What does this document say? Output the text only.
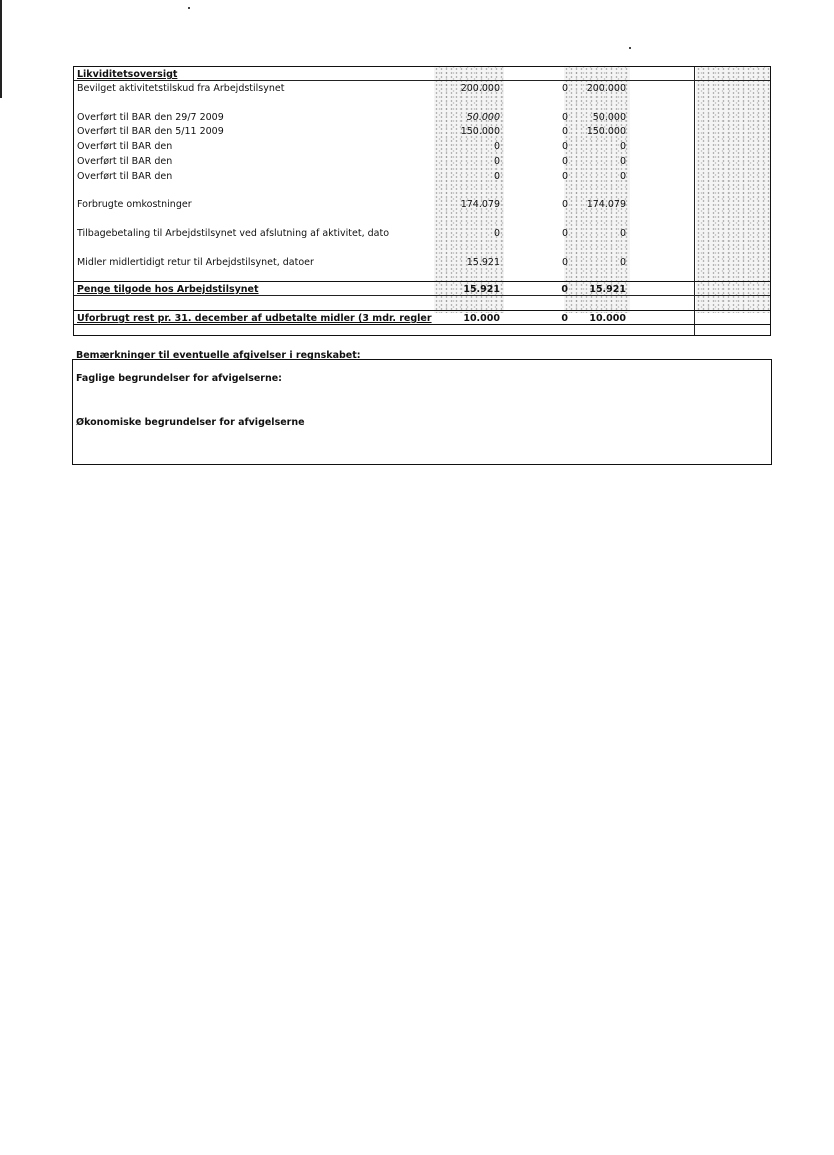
Likviditetsoversigt
Bevilget aktivitetstilskud fra Arbejdstilsynet	200.000	0	200.000
Overført til BAR den 29/7 2009	50.000	0	50.000
Overført til BAR den 5/11 2009	150.000	0	150.000
Overført til BAR den	0	0	0
Overført til BAR den	0	0	0
Overført til BAR den	0	0	0
Forbrugte omkostninger	174.079	0	174.079
Tilbagebetaling til Arbejdstilsynet ved afslutning af aktivitet, dato	0	0	0
Midler midlertidigt retur til Arbejdstilsynet, datoer	15.921	0	0
Penge tilgode hos Arbejdstilsynet	15.921	0	15.921
Uforbrugt rest pr. 31. december af udbetalte midler (3 mdr. regler	10.000	0	10.000
Bemærkninger til eventuelle afgivelser i regnskabet:
Faglige begrundelser for afvigelserne:
Økonomiske begrundelser for afvigelserne
